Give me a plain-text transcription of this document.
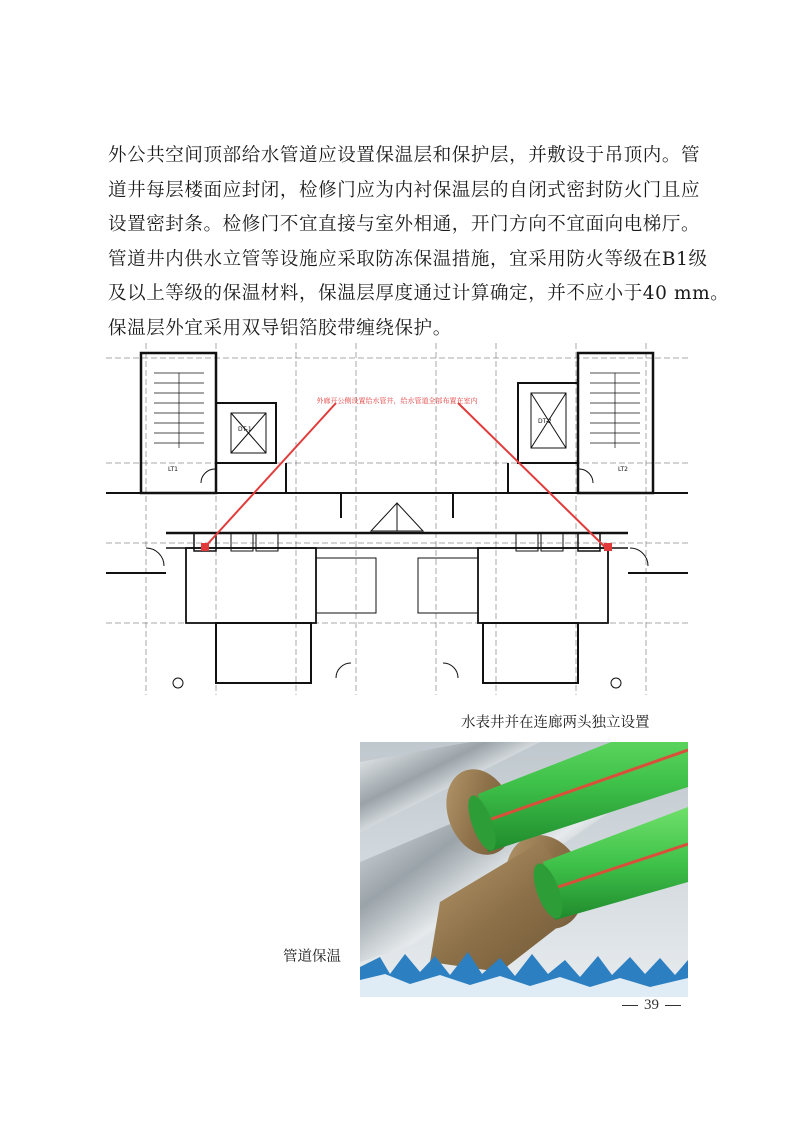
外公共空间顶部给水管道应设置保温层和保护层，并敷设于吊顶内。管
道井每层楼面应封闭，检修门应为内衬保温层的自闭式密封防火门且应
设置密封条。检修门不宜直接与室外相通，开门方向不宜面向电梯厅。
管道井内供水立管等设施应采取防冻保温措施，宜采用防火等级在B1级
及以上等级的保温材料，保温层厚度通过计算确定，并不应小于40 mm。
保温层外宜采用双导铝箔胶带缠绕保护。
外廊开公侧设置给水管井，给水管道全部布置在室内
LT1	LT2
DT-1
DT-2
水表井并在连廊两头独立设置
管道保温
39
